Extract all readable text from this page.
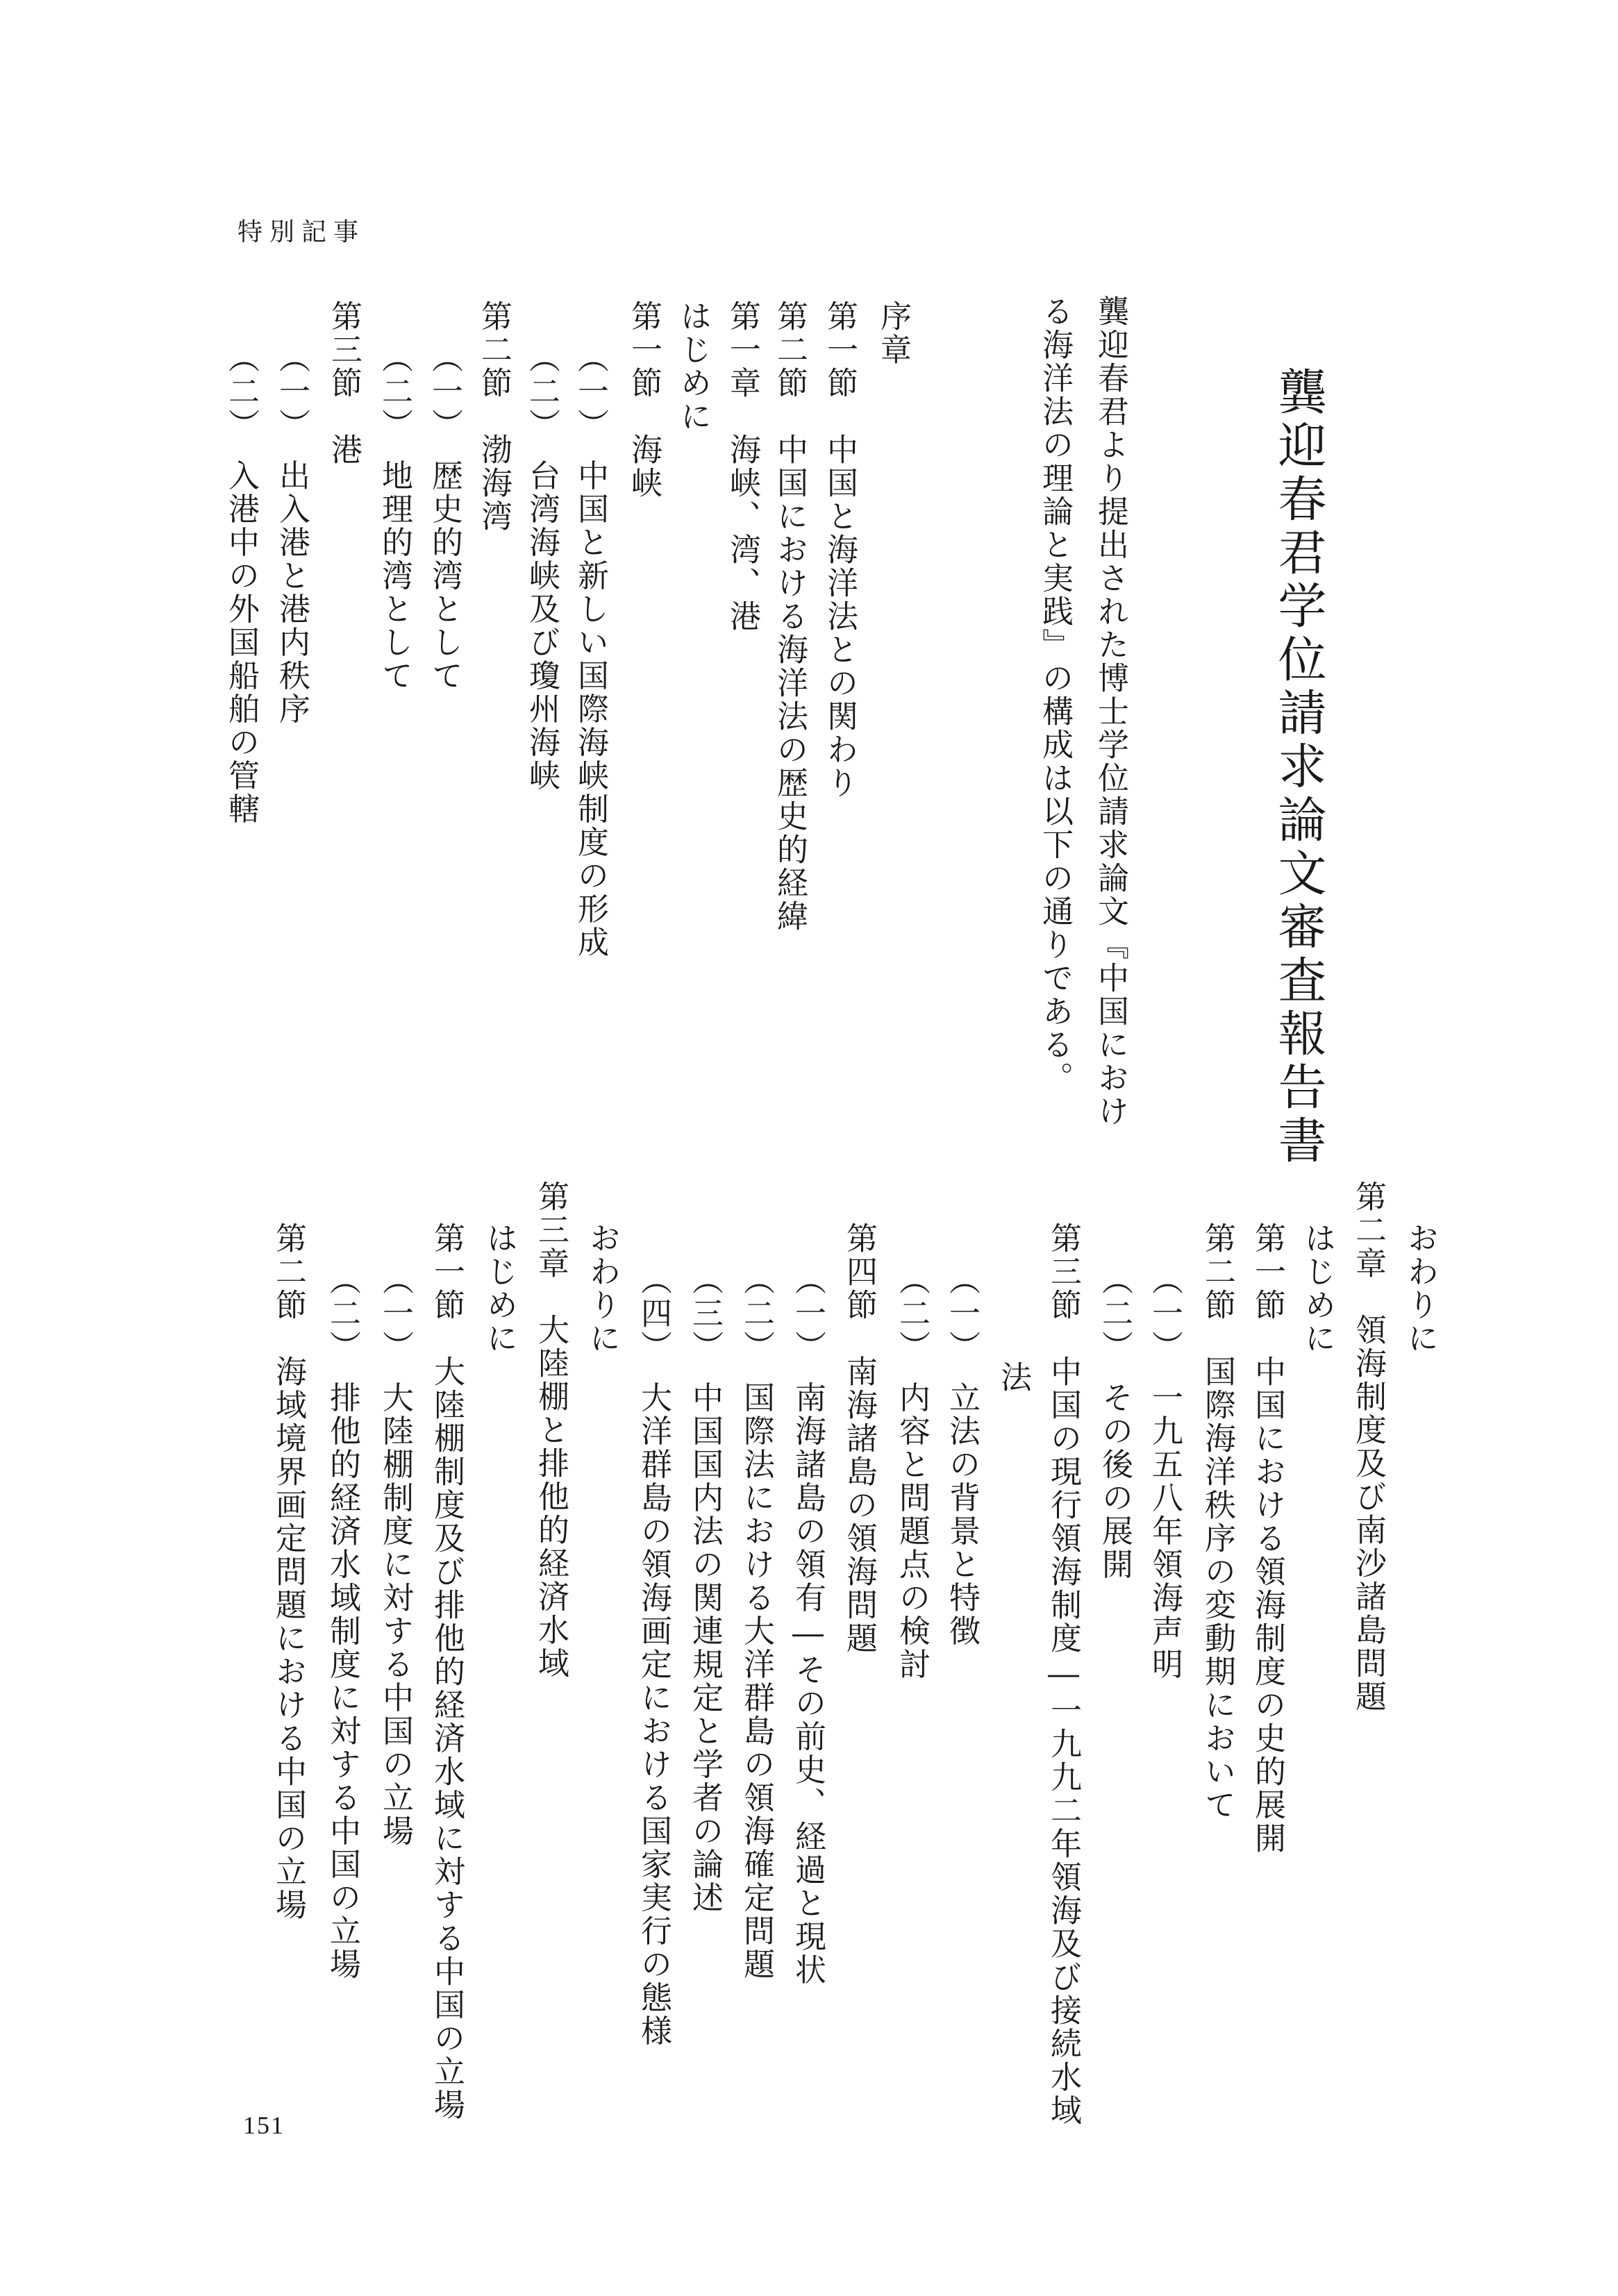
特別記事
龔迎春君学位請求論文審査報告書
龔迎春君より提出された博士学位請求論文『中国におけ
る海洋法の理論と実践』の構成は以下の通りである。
序章
第一節　中国と海洋法との関わり
第二節　中国における海洋法の歴史的経緯
第一章　海峡、湾、港
はじめに
第一節　海峡
（一）　中国と新しい国際海峡制度の形成
（二）　台湾海峡及び瓊州海峡
第二節　渤海湾
（一）　歴史的湾として
（二）　地理的湾として
第三節　港
（一）　出入港と港内秩序
（二）　入港中の外国船舶の管轄
おわりに
第二章　領海制度及び南沙諸島問題
はじめに
第一節　中国における領海制度の史的展開
第二節　国際海洋秩序の変動期において
（一）　一九五八年領海声明
（二）　その後の展開
第三節　中国の現行領海制度―一九九二年領海及び接続水域
法
（一）　立法の背景と特徴
（二）　内容と問題点の検討
第四節　南海諸島の領海問題
（一）　南海諸島の領有―その前史、経過と現状
（二）　国際法における大洋群島の領海確定問題
（三）　中国国内法の関連規定と学者の論述
（四）　大洋群島の領海画定における国家実行の態様
おわりに
第三章　大陸棚と排他的経済水域
はじめに
第一節　大陸棚制度及び排他的経済水域に対する中国の立場
（一）　大陸棚制度に対する中国の立場
（二）　排他的経済水域制度に対する中国の立場
第二節　海域境界画定問題における中国の立場
151
